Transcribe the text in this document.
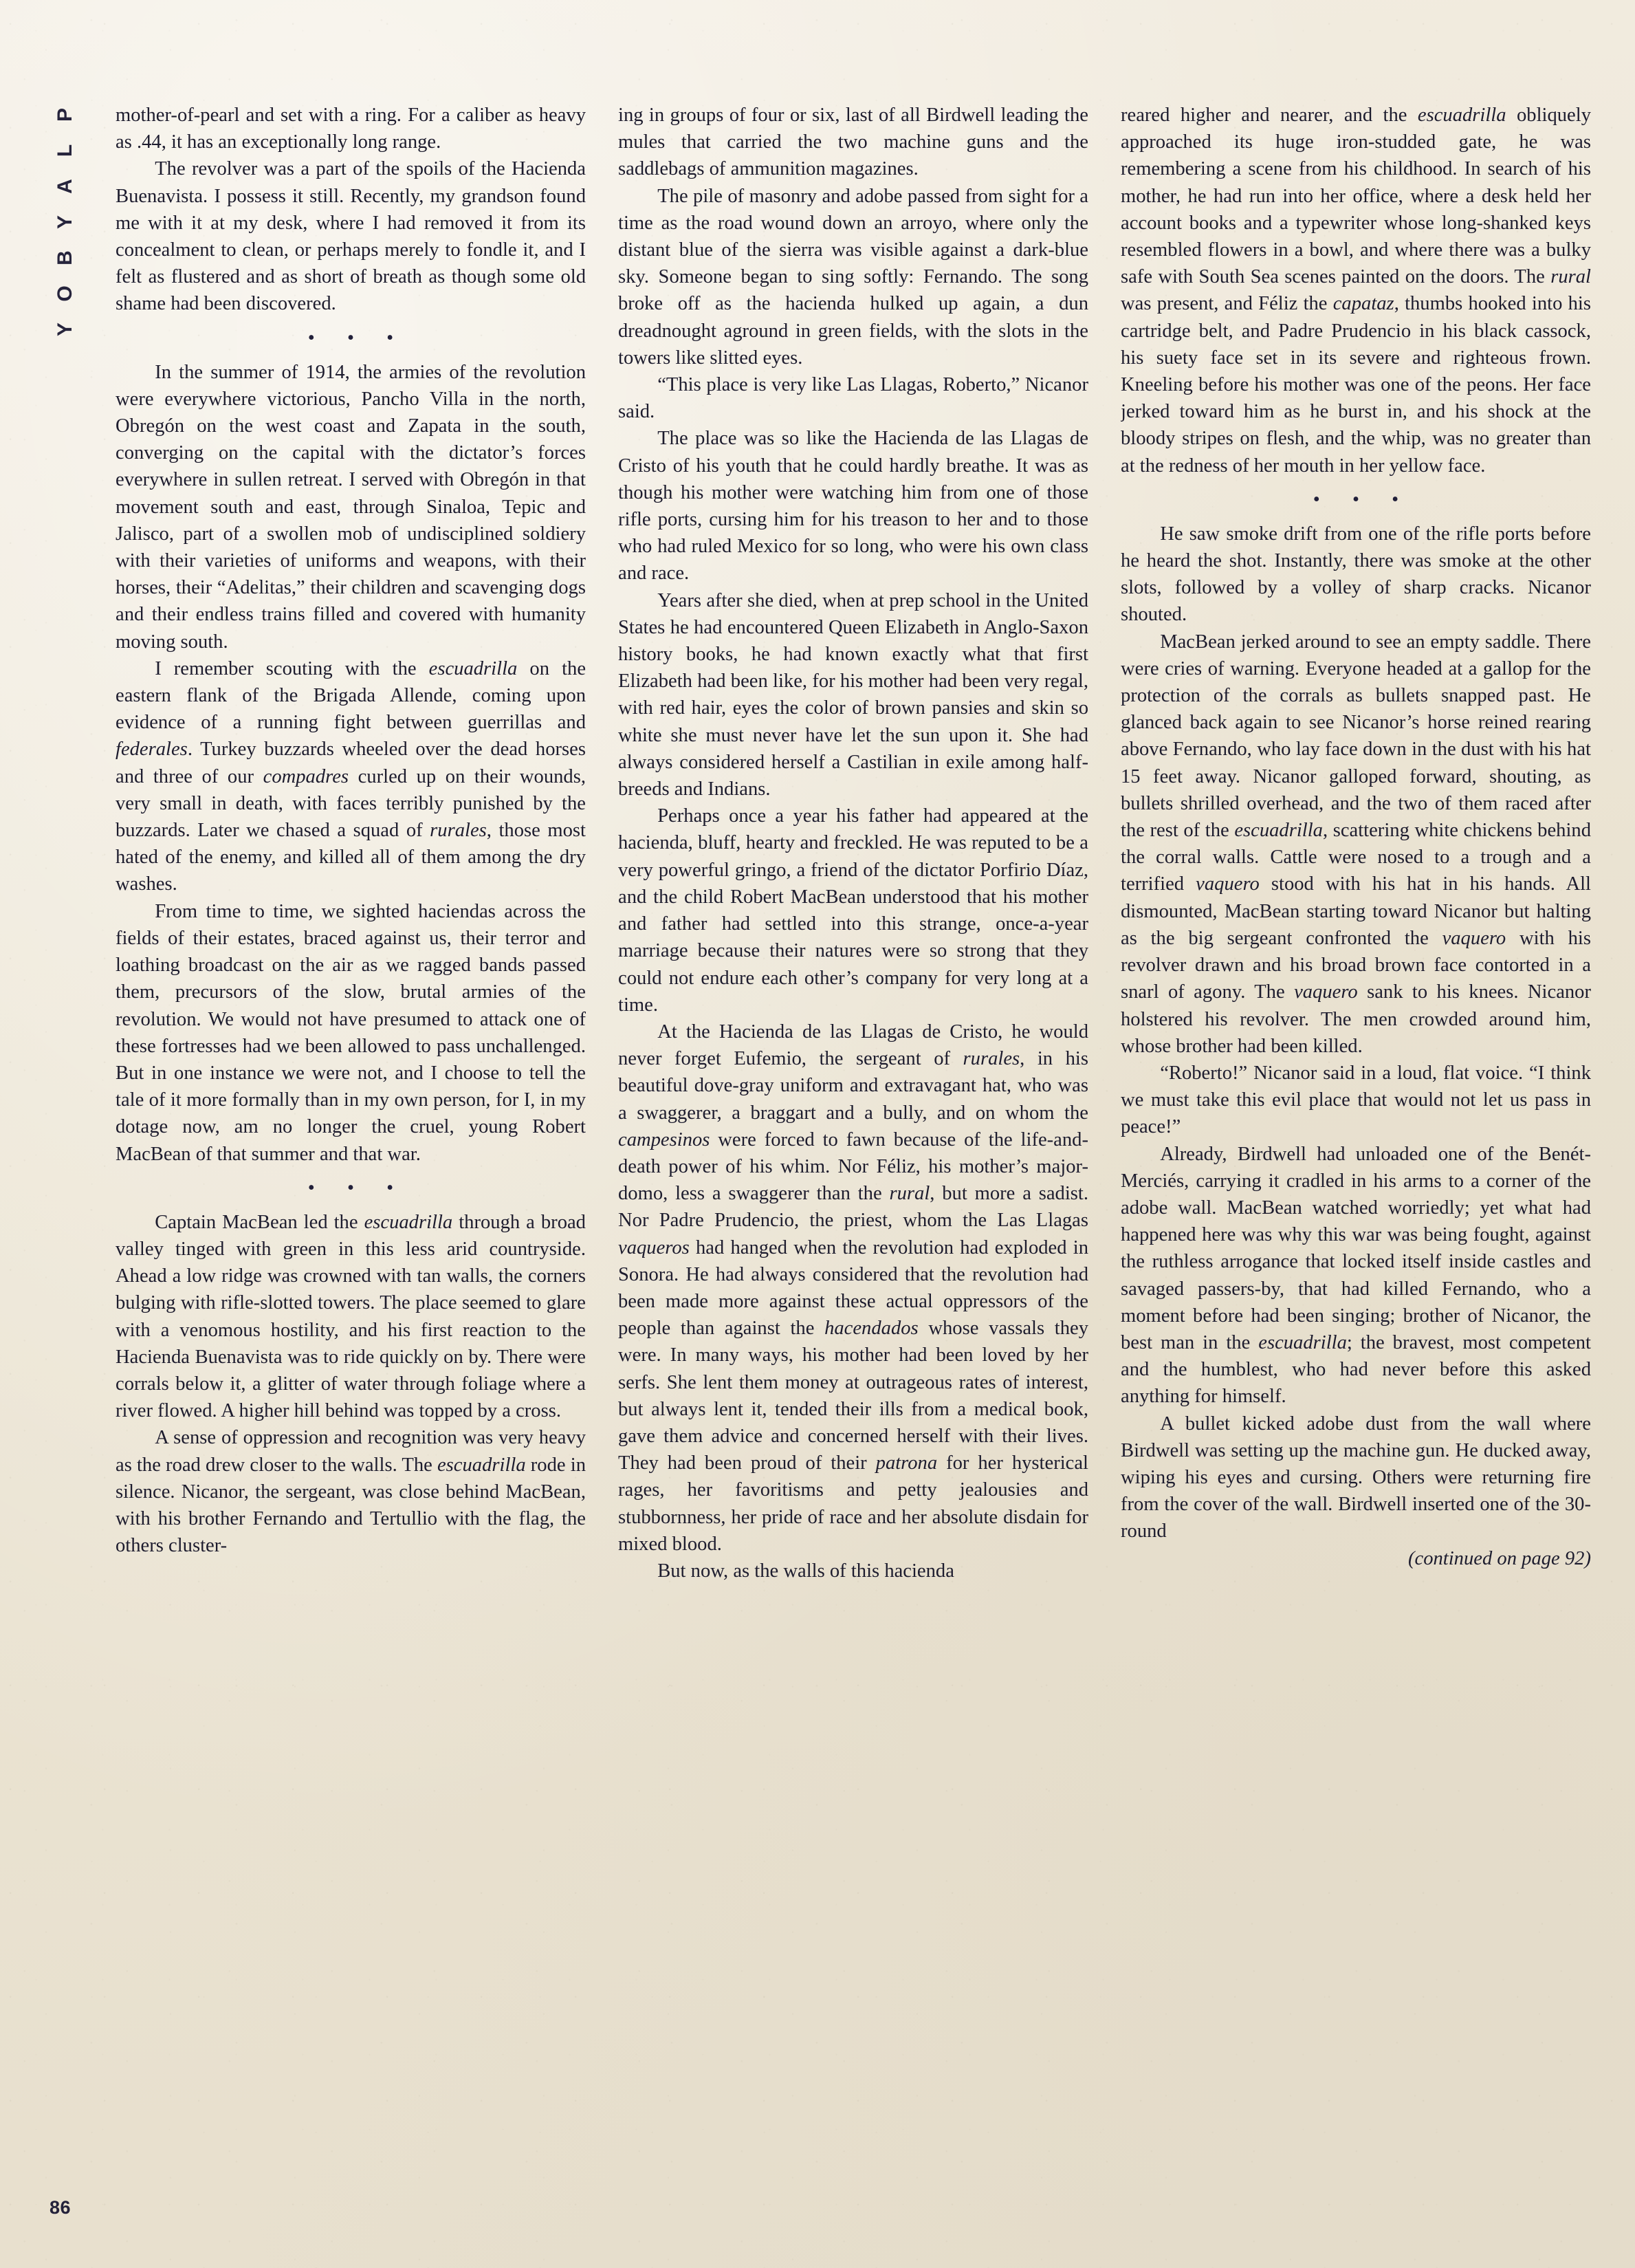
P
L
A
Y
B
O
Y

mother-of-pearl and set with a ring. For a caliber as heavy as .44, it has an exceptionally long range.

The revolver was a part of the spoils of the Hacienda Buenavista. I possess it still. Recently, my grandson found me with it at my desk, where I had removed it from its concealment to clean, or perhaps merely to fondle it, and I felt as flustered and as short of breath as though some old shame had been discovered.

• • •

In the summer of 1914, the armies of the revolution were everywhere victorious, Pancho Villa in the north, Obregón on the west coast and Zapata in the south, converging on the capital with the dictator’s forces everywhere in sullen retreat. I served with Obregón in that movement south and east, through Sinaloa, Tepic and Jalisco, part of a swollen mob of undisciplined soldiery with their varieties of uniforms and weapons, with their horses, their “Adelitas,” their children and scavenging dogs and their endless trains filled and covered with humanity moving south.

I remember scouting with the escuadrilla on the eastern flank of the Brigada Allende, coming upon evidence of a running fight between guerrillas and federales. Turkey buzzards wheeled over the dead horses and three of our compadres curled up on their wounds, very small in death, with faces terribly punished by the buzzards. Later we chased a squad of rurales, those most hated of the enemy, and killed all of them among the dry washes.

From time to time, we sighted haciendas across the fields of their estates, braced against us, their terror and loathing broadcast on the air as we ragged bands passed them, precursors of the slow, brutal armies of the revolution. We would not have presumed to attack one of these fortresses had we been allowed to pass unchallenged. But in one instance we were not, and I choose to tell the tale of it more formally than in my own person, for I, in my dotage now, am no longer the cruel, young Robert MacBean of that summer and that war.

• • •

Captain MacBean led the escuadrilla through a broad valley tinged with green in this less arid countryside. Ahead a low ridge was crowned with tan walls, the corners bulging with rifle-slotted towers. The place seemed to glare with a venomous hostility, and his first reaction to the Hacienda Buenavista was to ride quickly on by. There were corrals below it, a glitter of water through foliage where a river flowed. A higher hill behind was topped by a cross.

A sense of oppression and recognition was very heavy as the road drew closer to the walls. The escuadrilla rode in silence. Nicanor, the sergeant, was close behind MacBean, with his brother Fernando and Tertullio with the flag, the others cluster-

ing in groups of four or six, last of all Birdwell leading the mules that carried the two machine guns and the saddlebags of ammunition magazines.

The pile of masonry and adobe passed from sight for a time as the road wound down an arroyo, where only the distant blue of the sierra was visible against a dark-blue sky. Someone began to sing softly: Fernando. The song broke off as the hacienda hulked up again, a dun dreadnought aground in green fields, with the slots in the towers like slitted eyes.

“This place is very like Las Llagas, Roberto,” Nicanor said.

The place was so like the Hacienda de las Llagas de Cristo of his youth that he could hardly breathe. It was as though his mother were watching him from one of those rifle ports, cursing him for his treason to her and to those who had ruled Mexico for so long, who were his own class and race.

Years after she died, when at prep school in the United States he had encountered Queen Elizabeth in Anglo-Saxon history books, he had known exactly what that first Elizabeth had been like, for his mother had been very regal, with red hair, eyes the color of brown pansies and skin so white she must never have let the sun upon it. She had always considered herself a Castilian in exile among half-breeds and Indians.

Perhaps once a year his father had appeared at the hacienda, bluff, hearty and freckled. He was reputed to be a very powerful gringo, a friend of the dictator Porfirio Díaz, and the child Robert MacBean understood that his mother and father had settled into this strange, once-a-year marriage because their natures were so strong that they could not endure each other’s company for very long at a time.

At the Hacienda de las Llagas de Cristo, he would never forget Eufemio, the sergeant of rurales, in his beautiful dove-gray uniform and extravagant hat, who was a swaggerer, a braggart and a bully, and on whom the campesinos were forced to fawn because of the life-and-death power of his whim. Nor Féliz, his mother’s major-domo, less a swaggerer than the rural, but more a sadist. Nor Padre Prudencio, the priest, whom the Las Llagas vaqueros had hanged when the revolution had exploded in Sonora. He had always considered that the revolution had been made more against these actual oppressors of the people than against the hacendados whose vassals they were. In many ways, his mother had been loved by her serfs. She lent them money at outrageous rates of interest, but always lent it, tended their ills from a medical book, gave them advice and concerned herself with their lives. They had been proud of their patrona for her hysterical rages, her favoritisms and petty jealousies and stubbornness, her pride of race and her absolute disdain for mixed blood.

But now, as the walls of this hacienda

reared higher and nearer, and the escuadrilla obliquely approached its huge iron-studded gate, he was remembering a scene from his childhood. In search of his mother, he had run into her office, where a desk held her account books and a typewriter whose long-shanked keys resembled flowers in a bowl, and where there was a bulky safe with South Sea scenes painted on the doors. The rural was present, and Féliz the capataz, thumbs hooked into his cartridge belt, and Padre Prudencio in his black cassock, his suety face set in its severe and righteous frown. Kneeling before his mother was one of the peons. Her face jerked toward him as he burst in, and his shock at the bloody stripes on flesh, and the whip, was no greater than at the redness of her mouth in her yellow face.

• • •

He saw smoke drift from one of the rifle ports before he heard the shot. Instantly, there was smoke at the other slots, followed by a volley of sharp cracks. Nicanor shouted.

MacBean jerked around to see an empty saddle. There were cries of warning. Everyone headed at a gallop for the protection of the corrals as bullets snapped past. He glanced back again to see Nicanor’s horse reined rearing above Fernando, who lay face down in the dust with his hat 15 feet away. Nicanor galloped forward, shouting, as bullets shrilled overhead, and the two of them raced after the rest of the escuadrilla, scattering white chickens behind the corral walls. Cattle were nosed to a trough and a terrified vaquero stood with his hat in his hands. All dismounted, MacBean starting toward Nicanor but halting as the big sergeant confronted the vaquero with his revolver drawn and his broad brown face contorted in a snarl of agony. The vaquero sank to his knees. Nicanor holstered his revolver. The men crowded around him, whose brother had been killed.

“Roberto!” Nicanor said in a loud, flat voice. “I think we must take this evil place that would not let us pass in peace!”

Already, Birdwell had unloaded one of the Benét-Merciés, carrying it cradled in his arms to a corner of the adobe wall. MacBean watched worriedly; yet what had happened here was why this war was being fought, against the ruthless arrogance that locked itself inside castles and savaged passers-by, that had killed Fernando, who a moment before had been singing; brother of Nicanor, the best man in the escuadrilla; the bravest, most competent and the humblest, who had never before this asked anything for himself.

A bullet kicked adobe dust from the wall where Birdwell was setting up the machine gun. He ducked away, wiping his eyes and cursing. Others were returning fire from the cover of the wall. Birdwell inserted one of the 30-round

(continued on page 92)
86
